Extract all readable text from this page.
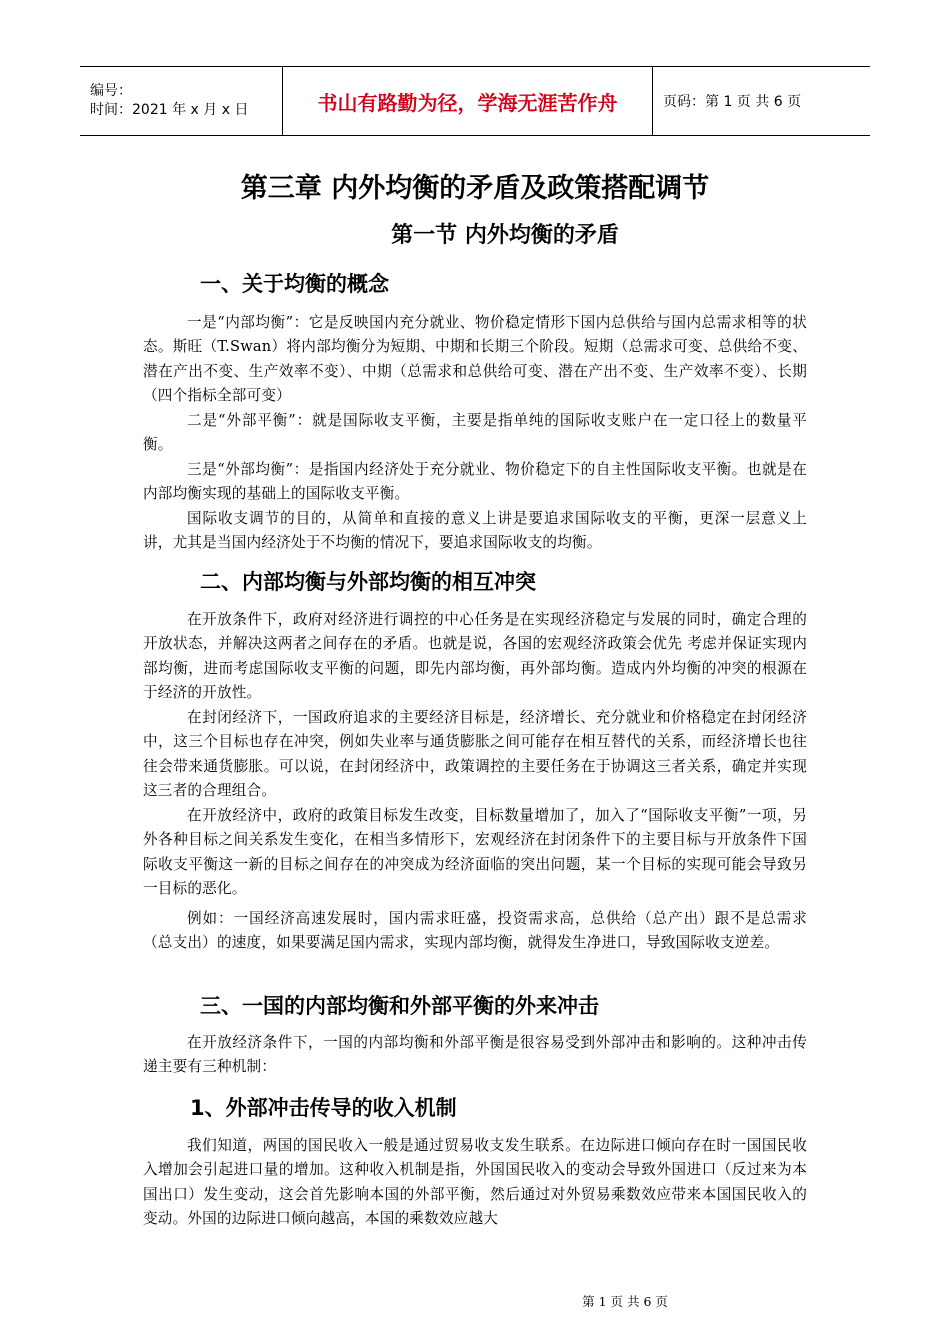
编号：
时间：2021 年 x 月 x 日	书山有路勤为径，学海无涯苦作舟	页码：第 1 页 共 6 页
第三章 内外均衡的矛盾及政策搭配调节
第一节 内外均衡的矛盾
一、关于均衡的概念
一是“内部均衡”：它是反映国内充分就业、物价稳定情形下国内总供给与国内总需求相等的状态。斯旺（T.Swan）将内部均衡分为短期、中期和长期三个阶段。短期（总需求可变、总供给不变、潜在产出不变、生产效率不变）、中期（总需求和总供给可变、潜在产出不变、生产效率不变）、长期（四个指标全部可变）
二是“外部平衡”：就是国际收支平衡，主要是指单纯的国际收支账户在一定口径上的数量平衡。
三是“外部均衡”：是指国内经济处于充分就业、物价稳定下的自主性国际收支平衡。也就是在内部均衡实现的基础上的国际收支平衡。
国际收支调节的目的，从简单和直接的意义上讲是要追求国际收支的平衡，更深一层意义上讲，尤其是当国内经济处于不均衡的情况下，要追求国际收支的均衡。
二、内部均衡与外部均衡的相互冲突
在开放条件下，政府对经济进行调控的中心任务是在实现经济稳定与发展的同时，确定合理的开放状态，并解决这两者之间存在的矛盾。也就是说，各国的宏观经济政策会优先 考虑并保证实现内部均衡，进而考虑国际收支平衡的问题，即先内部均衡，再外部均衡。造成内外均衡的冲突的根源在于经济的开放性。
在封闭经济下，一国政府追求的主要经济目标是，经济增长、充分就业和价格稳定在封闭经济中，这三个目标也存在冲突，例如失业率与通货膨胀之间可能存在相互替代的关系，而经济增长也往往会带来通货膨胀。可以说，在封闭经济中，政策调控的主要任务在于协调这三者关系，确定并实现这三者的合理组合。
在开放经济中，政府的政策目标发生改变，目标数量增加了，加入了“国际收支平衡”一项，另外各种目标之间关系发生变化，在相当多情形下，宏观经济在封闭条件下的主要目标与开放条件下国际收支平衡这一新的目标之间存在的冲突成为经济面临的突出问题，某一个目标的实现可能会导致另一目标的恶化。
例如：一国经济高速发展时，国内需求旺盛，投资需求高，总供给（总产出）跟不是总需求（总支出）的速度，如果要满足国内需求，实现内部均衡，就得发生净进口，导致国际收支逆差。
三、一国的内部均衡和外部平衡的外来冲击
在开放经济条件下，一国的内部均衡和外部平衡是很容易受到外部冲击和影响的。这种冲击传递主要有三种机制：
1、外部冲击传导的收入机制
我们知道，两国的国民收入一般是通过贸易收支发生联系。在边际进口倾向存在时一国国民收入增加会引起进口量的增加。这种收入机制是指，外国国民收入的变动会导致外国进口（反过来为本国出口）发生变动，这会首先影响本国的外部平衡，然后通过对外贸易乘数效应带来本国国民收入的变动。外国的边际进口倾向越高，本国的乘数效应越大
第 1 页 共 6 页
